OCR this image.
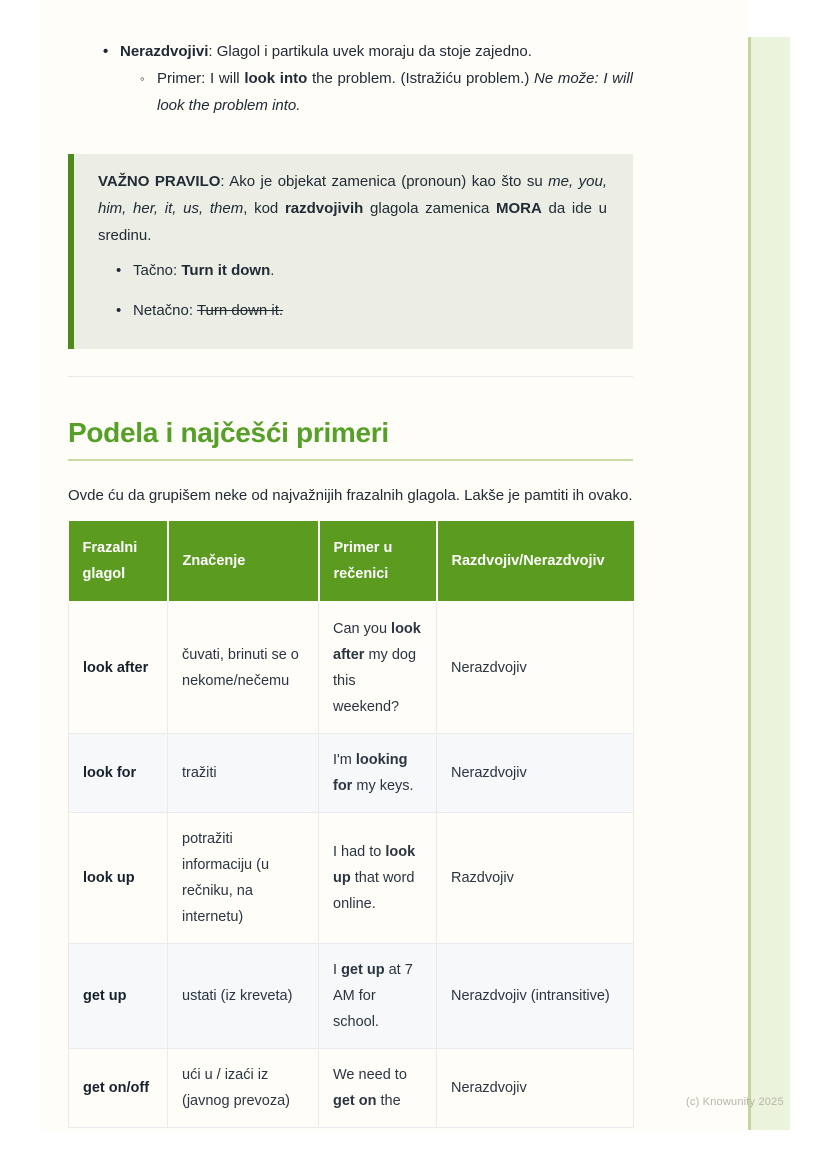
•
Nerazdvojivi: Glagol i partikula uvek moraju da stoje zajedno.
◦
Primer: I will look into the problem. (Istražiću problem.) Ne može: I will look the problem into.
VAŽNO PRAVILO: Ako je objekat zamenica (pronoun) kao što su me, you, him, her, it, us, them, kod razdvojivih glagola zamenica MORA da ide u sredinu.
•
Tačno: Turn it down.
•
Netačno: Turn down it.
Podela i najčešći primeri

Ovde ću da grupišem neke od najvažnijih frazalnih glagola. Lakše je pamtiti ih ovako.

Frazalni glagol	Značenje	Primer u rečenici	Razdvojiv/Nerazdvojiv
look after	čuvati, brinuti se o nekome/nečemu	Can you look after my dog this weekend?	Nerazdvojiv
look for	tražiti	I'm looking for my keys.	Nerazdvojiv
look up	potražiti informaciju (u rečniku, na internetu)	I had to look up that word online.	Razdvojiv
get up	ustati (iz kreveta)	I get up at 7 AM for school.	Nerazdvojiv (intransitive)
get on/off	ući u / izaći iz (javnog prevoza)	We need to get on the	Nerazdvojiv
(c) Knowunity 2025
